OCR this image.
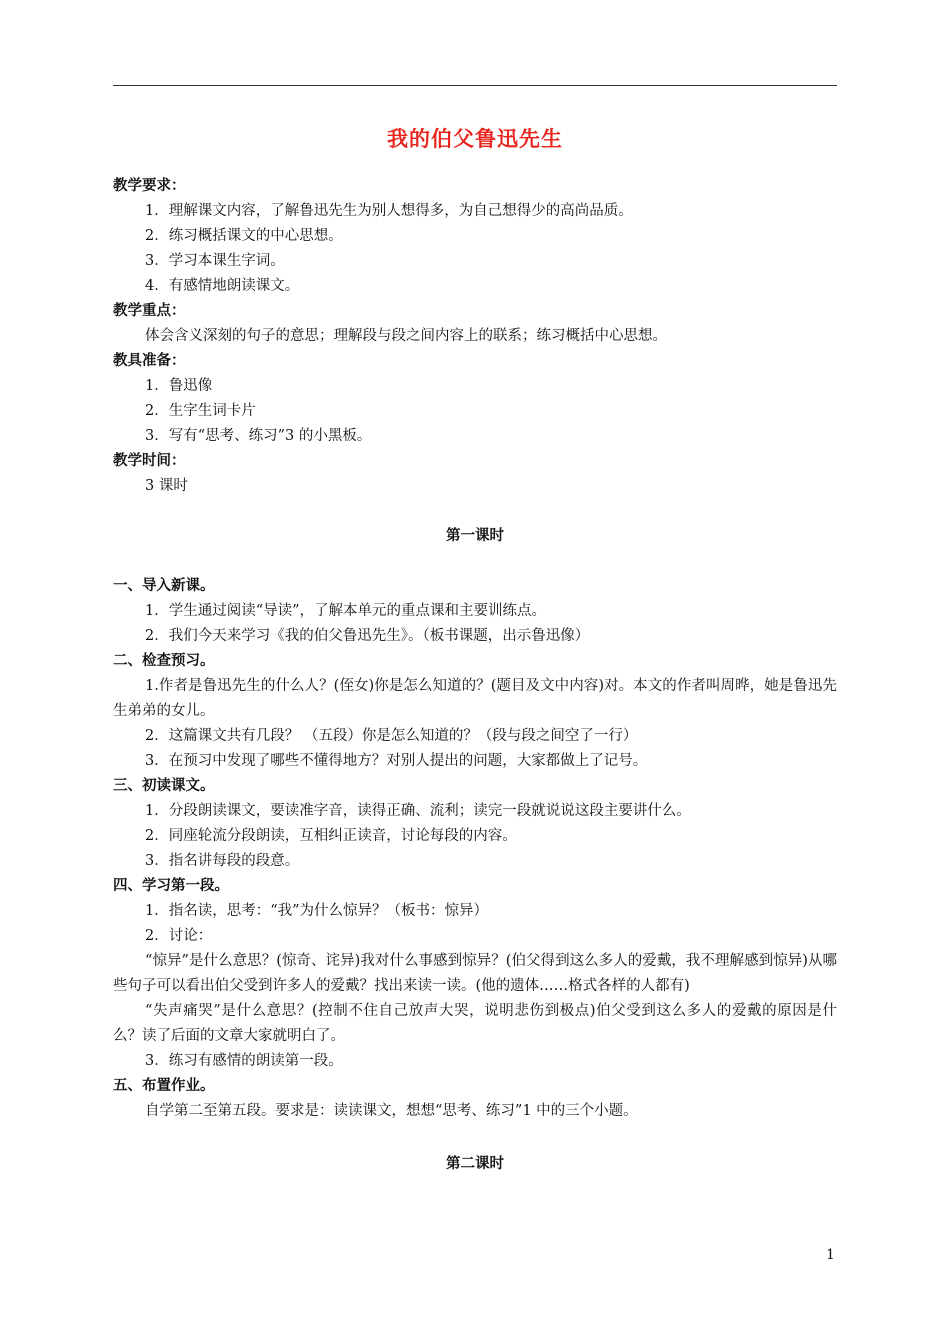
我的伯父鲁迅先生
教学要求：
1．理解课文内容，了解鲁迅先生为别人想得多，为自己想得少的高尚品质。
2．练习概括课文的中心思想。
3．学习本课生字词。
4．有感情地朗读课文。
教学重点：
体会含义深刻的句子的意思；理解段与段之间内容上的联系；练习概括中心思想。
教具准备：
1．鲁迅像
2．生字生词卡片
3．写有“思考、练习”3 的小黑板。
教学时间：
3 课时
第一课时
一、导入新课。
1．学生通过阅读“导读”，了解本单元的重点课和主要训练点。
2．我们今天来学习《我的伯父鲁迅先生》。（板书课题，出示鲁迅像）
二、检查预习。
1.作者是鲁迅先生的什么人？(侄女)你是怎么知道的？(题目及文中内容)对。本文的作者叫周晔，她是鲁迅先生弟弟的女儿。
2．这篇课文共有几段？ （五段）你是怎么知道的？（段与段之间空了一行）
3．在预习中发现了哪些不懂得地方？对别人提出的问题，大家都做上了记号。
三、初读课文。
1．分段朗读课文，要读准字音，读得正确、流利；读完一段就说说这段主要讲什么。
2．同座轮流分段朗读，互相纠正读音，讨论每段的内容。
3．指名讲每段的段意。
四、学习第一段。
1．指名读，思考：“我”为什么惊异？（板书：惊异）
2．讨论：
“惊异”是什么意思？(惊奇、诧异)我对什么事感到惊异？(伯父得到这么多人的爱戴，我不理解感到惊异)从哪些句子可以看出伯父受到许多人的爱戴？找出来读一读。(他的遗体……格式各样的人都有)
“失声痛哭”是什么意思？(控制不住自己放声大哭，说明悲伤到极点)伯父受到这么多人的爱戴的原因是什么？读了后面的文章大家就明白了。
3．练习有感情的朗读第一段。
五、布置作业。
自学第二至第五段。要求是：读读课文，想想“思考、练习”1 中的三个小题。
第二课时
1
